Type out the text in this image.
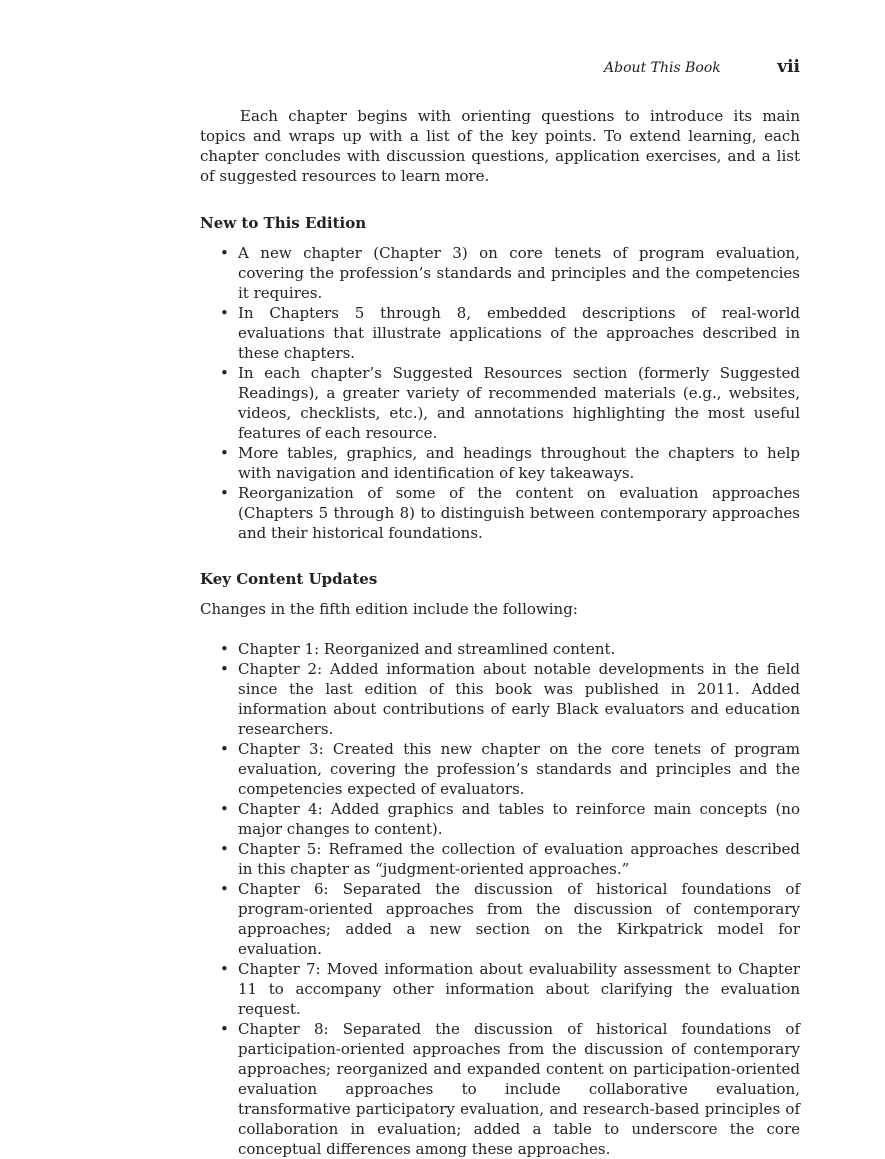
About This Book	vii

Each chapter begins with orienting questions to introduce its main topics and wraps up with a list of the key points. To extend learning, each chapter concludes with discussion questions, application exercises, and a list of suggested resources to learn more.

New to This Edition
• A new chapter (Chapter 3) on core tenets of program evaluation, covering the profession’s standards and principles and the competencies it requires.
• In Chapters 5 through 8, embedded descriptions of real-world evaluations that illustrate applications of the approaches described in these chapters.
• In each chapter’s Suggested Resources section (formerly Suggested Readings), a greater variety of recommended materials (e.g., websites, videos, checklists, etc.), and annotations highlighting the most useful features of each resource.
• More tables, graphics, and headings throughout the chapters to help with navigation and identification of key takeaways.
• Reorganization of some of the content on evaluation approaches (Chapters 5 through 8) to distinguish between contemporary approaches and their historical foundations.
Key Content Updates

Changes in the fifth edition include the following:

• Chapter 1: Reorganized and streamlined content.
• Chapter 2: Added information about notable developments in the field since the last edition of this book was published in 2011. Added information about contributions of early Black evaluators and education researchers.
• Chapter 3: Created this new chapter on the core tenets of program evaluation, covering the profession’s standards and principles and the competencies expected of evaluators.
• Chapter 4: Added graphics and tables to reinforce main concepts (no major changes to content).
• Chapter 5: Reframed the collection of evaluation approaches described in this chapter as “judgment-oriented approaches.”
• Chapter 6: Separated the discussion of historical foundations of program-oriented approaches from the discussion of contemporary approaches; added a new section on the Kirkpatrick model for evaluation.
• Chapter 7: Moved information about evaluability assessment to Chapter 11 to accompany other information about clarifying the evaluation request.
• Chapter 8: Separated the discussion of historical foundations of participation-oriented approaches from the discussion of contemporary approaches; reorganized and expanded content on participation-oriented evaluation approaches to include collaborative evaluation, transformative participatory evaluation, and research-based principles of collaboration in evaluation; added a table to underscore the core conceptual differences among these approaches.
